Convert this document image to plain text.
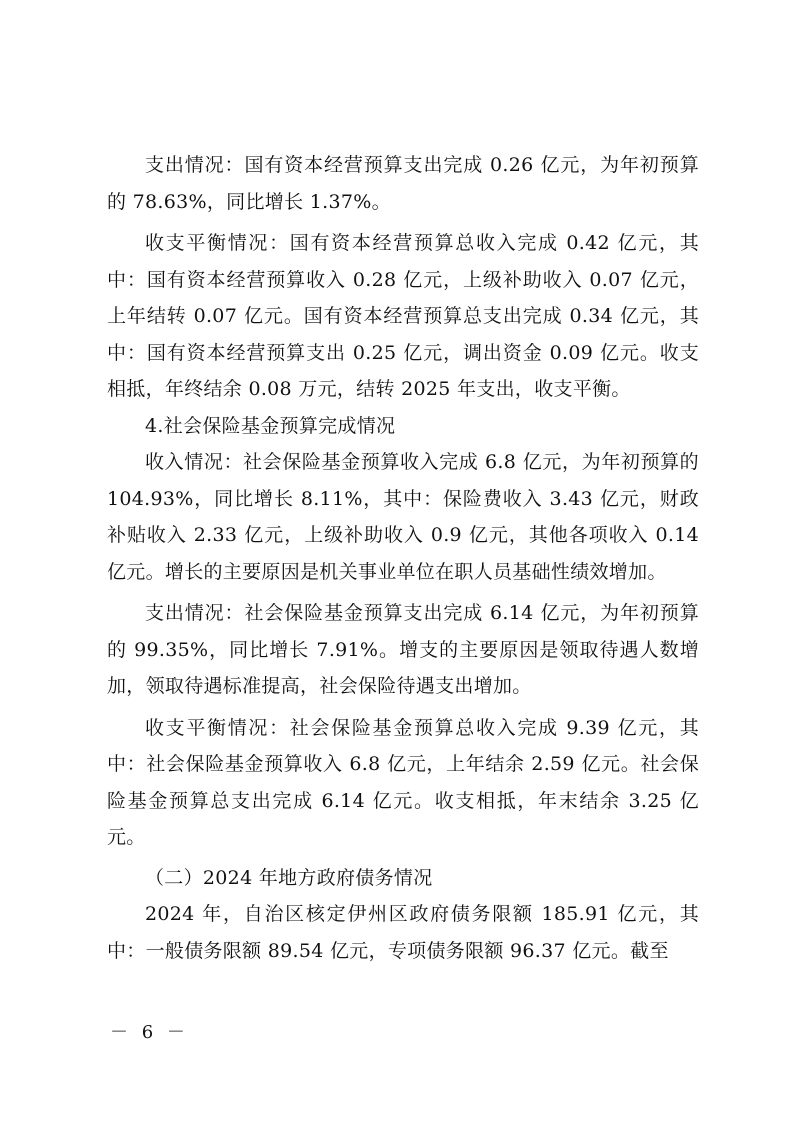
支出情况：国有资本经营预算支出完成 0.26 亿元，为年初预算的 78.63%，同比增长 1.37%。

收支平衡情况：国有资本经营预算总收入完成 0.42 亿元，其中：国有资本经营预算收入 0.28 亿元，上级补助收入 0.07 亿元，上年结转 0.07 亿元。国有资本经营预算总支出完成 0.34 亿元，其中：国有资本经营预算支出 0.25 亿元，调出资金 0.09 亿元。收支相抵，年终结余 0.08 万元，结转 2025 年支出，收支平衡。

4.社会保险基金预算完成情况

收入情况：社会保险基金预算收入完成 6.8 亿元，为年初预算的 104.93%，同比增长 8.11%，其中：保险费收入 3.43 亿元，财政补贴收入 2.33 亿元，上级补助收入 0.9 亿元，其他各项收入 0.14 亿元。增长的主要原因是机关事业单位在职人员基础性绩效增加。

支出情况：社会保险基金预算支出完成 6.14 亿元，为年初预算的 99.35%，同比增长 7.91%。增支的主要原因是领取待遇人数增加，领取待遇标准提高，社会保险待遇支出增加。

收支平衡情况：社会保险基金预算总收入完成 9.39 亿元，其中：社会保险基金预算收入 6.8 亿元，上年结余 2.59 亿元。社会保险基金预算总支出完成 6.14 亿元。收支相抵，年末结余 3.25 亿元。

（二）2024 年地方政府债务情况

2024 年，自治区核定伊州区政府债务限额 185.91 亿元，其中：一般债务限额 89.54 亿元，专项债务限额 96.37 亿元。截至

－ 6 －
